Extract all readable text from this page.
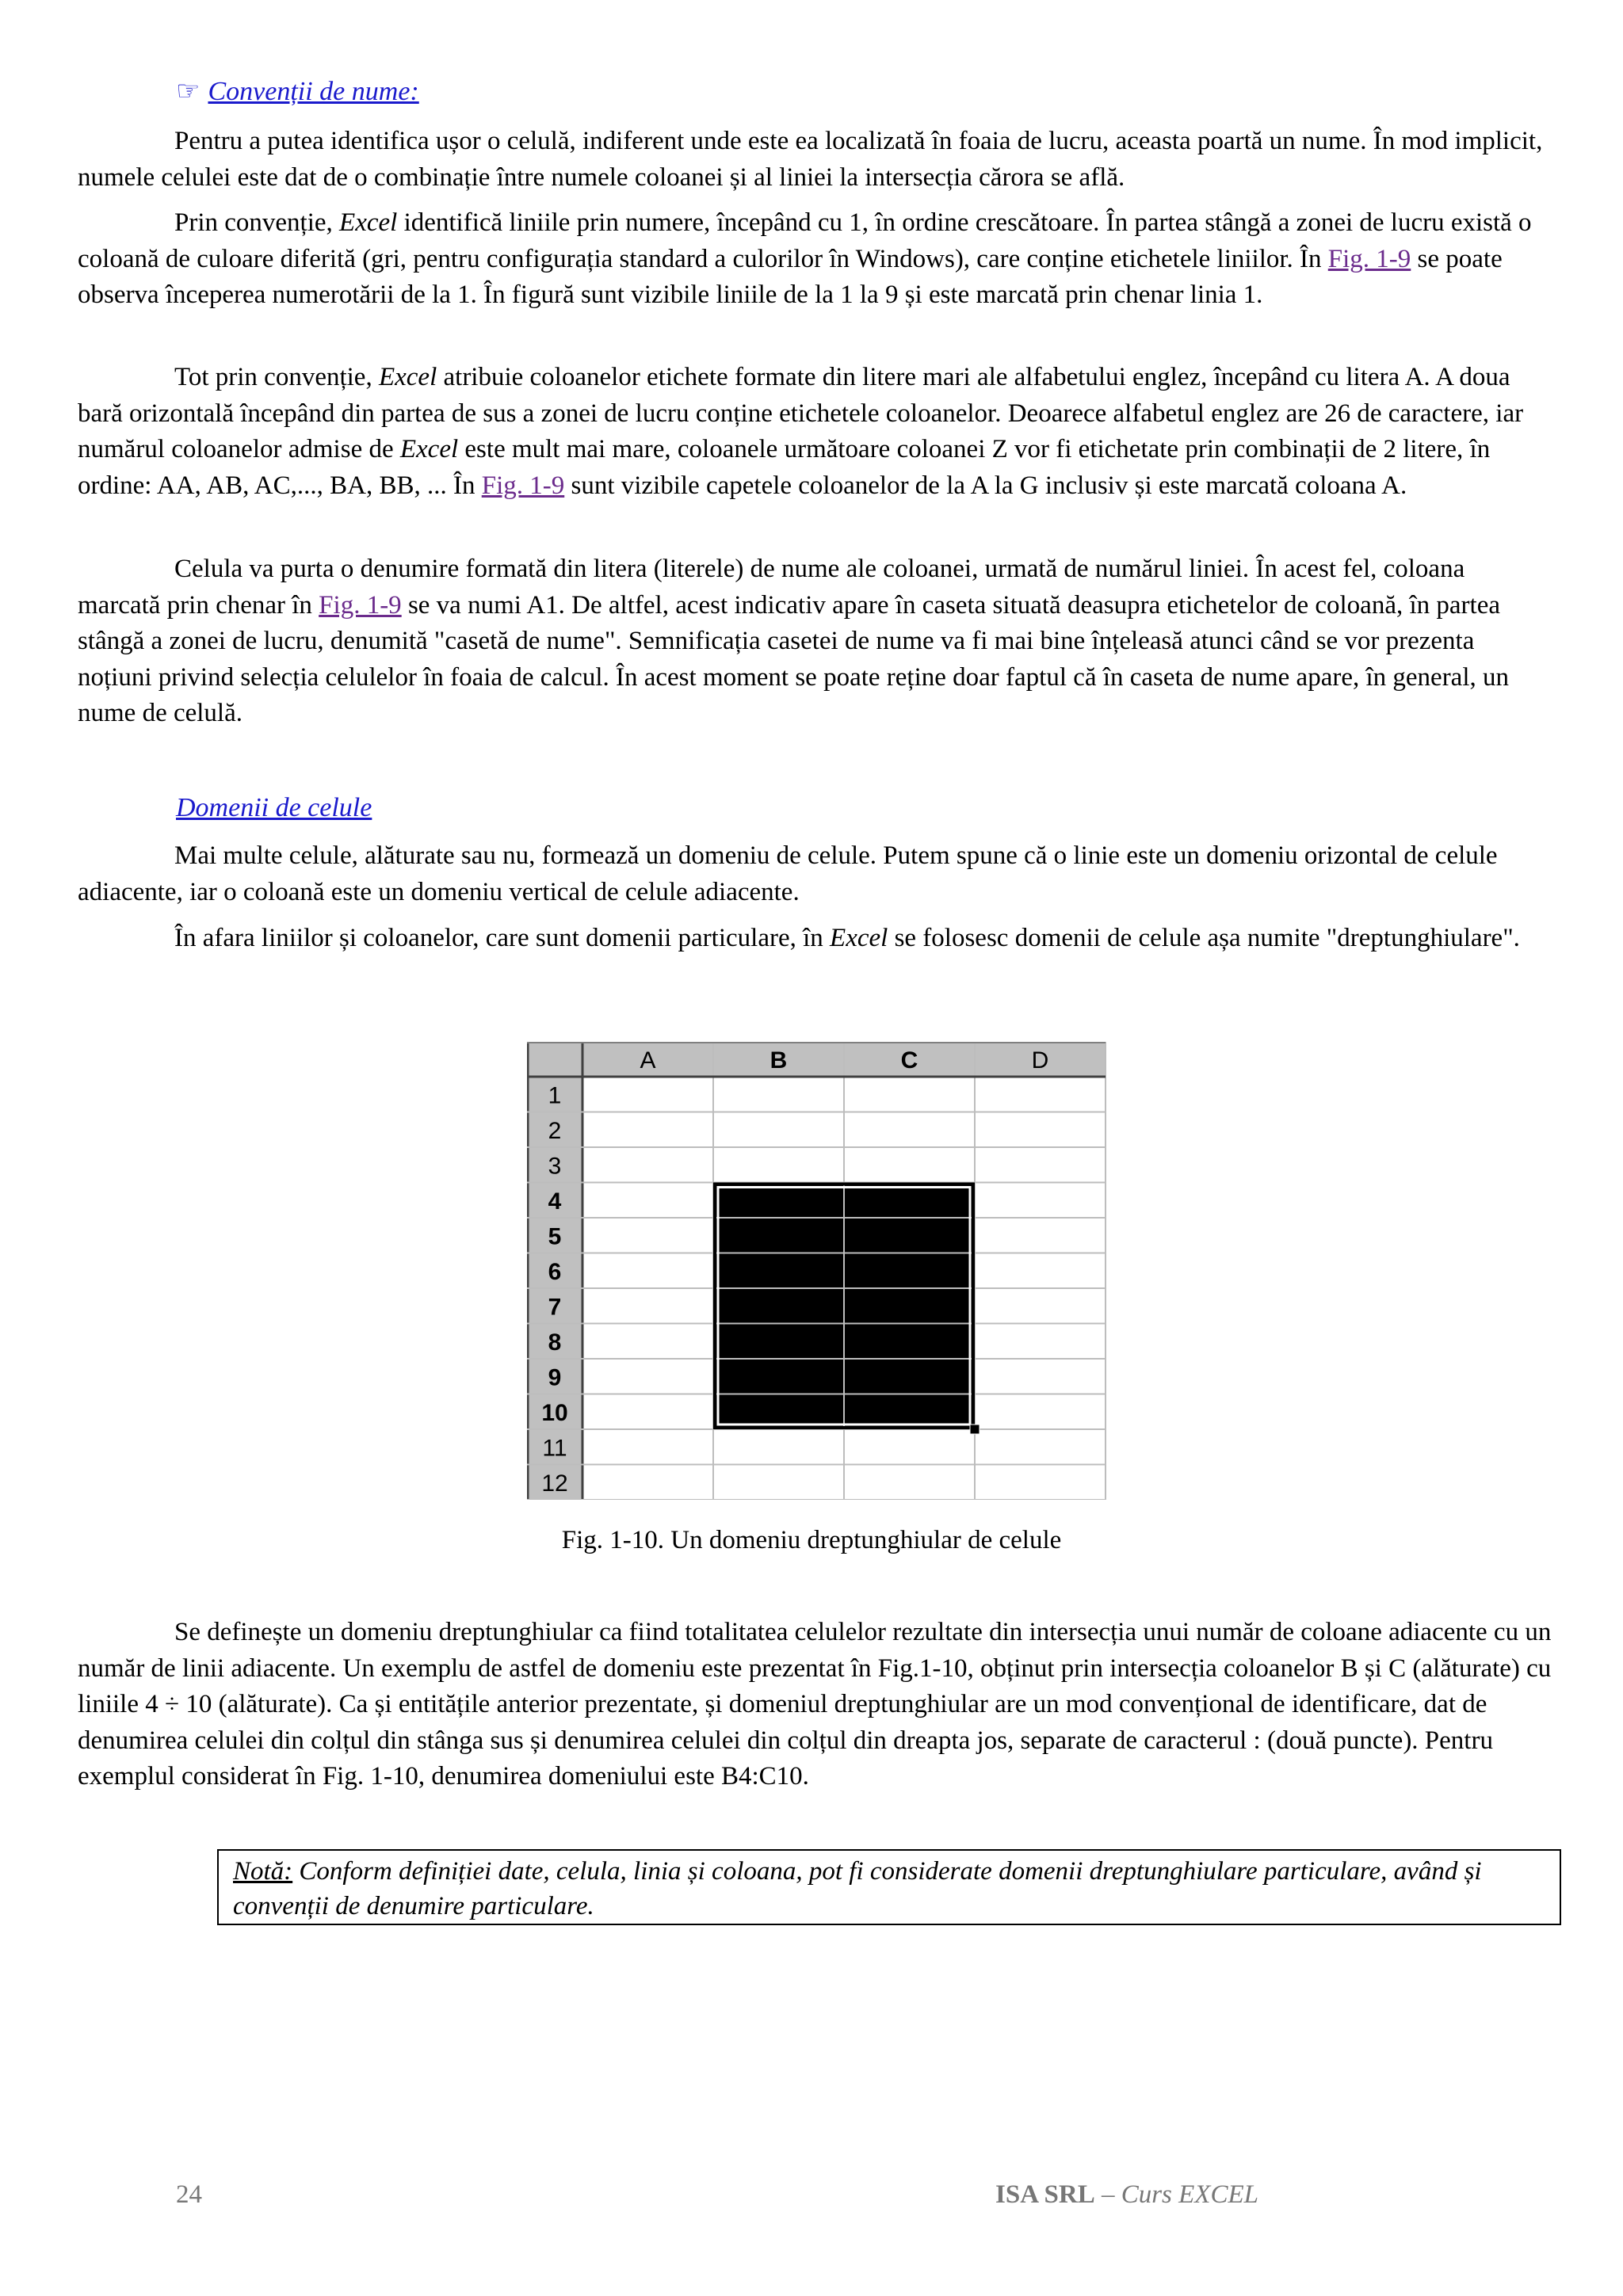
☞ Convenții de nume:

Pentru a putea identifica ușor o celulă, indiferent unde este ea localizată în foaia de lucru, aceasta poartă un nume. În mod implicit, numele celulei este dat de o combinație între numele coloanei și al liniei la intersecția cărora se află.

Prin convenție, Excel identifică liniile prin numere, începând cu 1, în ordine crescătoare. În partea stângă a zonei de lucru există o coloană de culoare diferită (gri, pentru configurația standard a culorilor în Windows), care conține etichetele liniilor. În Fig. 1-9 se poate observa începerea numerotării de la 1. În figură sunt vizibile liniile de la 1 la 9 și este marcată prin chenar linia 1.

Tot prin convenție, Excel atribuie coloanelor etichete formate din litere mari ale alfabetului englez, începând cu litera A. A doua bară orizontală începând din partea de sus a zonei de lucru conține etichetele coloanelor. Deoarece alfabetul englez are 26 de caractere, iar numărul coloanelor admise de Excel este mult mai mare, coloanele următoare coloanei Z vor fi etichetate prin combinații de 2 litere, în ordine: AA, AB, AC,..., BA, BB, ... În Fig. 1-9 sunt vizibile capetele coloanelor de la A la G inclusiv și este marcată coloana A.

Celula va purta o denumire formată din litera (literele) de nume ale coloanei, urmată de numărul liniei. În acest fel, coloana marcată prin chenar în Fig. 1-9 se va numi A1. De altfel, acest indicativ apare în caseta situată deasupra etichetelor de coloană, în partea stângă a zonei de lucru, denumită "casetă de nume". Semnificația casetei de nume va fi mai bine înțeleasă atunci când se vor prezenta noțiuni privind selecția celulelor în foaia de calcul. În acest moment se poate reține doar faptul că în caseta de nume apare, în general, un nume de celulă.

Domenii de celule

Mai multe celule, alăturate sau nu, formează un domeniu de celule. Putem spune că o linie este un domeniu orizontal de celule adiacente, iar o coloană este un domeniu vertical de celule adiacente.

În afara liniilor și coloanelor, care sunt domenii particulare, în Excel se folosesc domenii de celule așa numite "dreptunghiulare".

A	B	C	D
1
2
3
4
5
6
7
8
9
10
11
12
Fig. 1-10. Un domeniu dreptunghiular de celule

Se definește un domeniu dreptunghiular ca fiind totalitatea celulelor rezultate din intersecția unui număr de coloane adiacente cu un număr de linii adiacente. Un exemplu de astfel de domeniu este prezentat în Fig.1-10, obținut prin intersecția coloanelor B și C (alăturate) cu liniile 4 ÷ 10 (alăturate). Ca și entitățile anterior prezentate, și domeniul dreptunghiular are un mod convențional de identificare, dat de denumirea celulei din colțul din stânga sus și denumirea celulei din colțul din dreapta jos, separate de caracterul : (două puncte). Pentru exemplul considerat în Fig. 1-10, denumirea domeniului este B4:C10.

Notă: Conform definiției date, celula, linia și coloana, pot fi considerate domenii dreptunghiulare particulare, având și convenții de denumire particulare.
24	ISA SRL – Curs EXCEL
